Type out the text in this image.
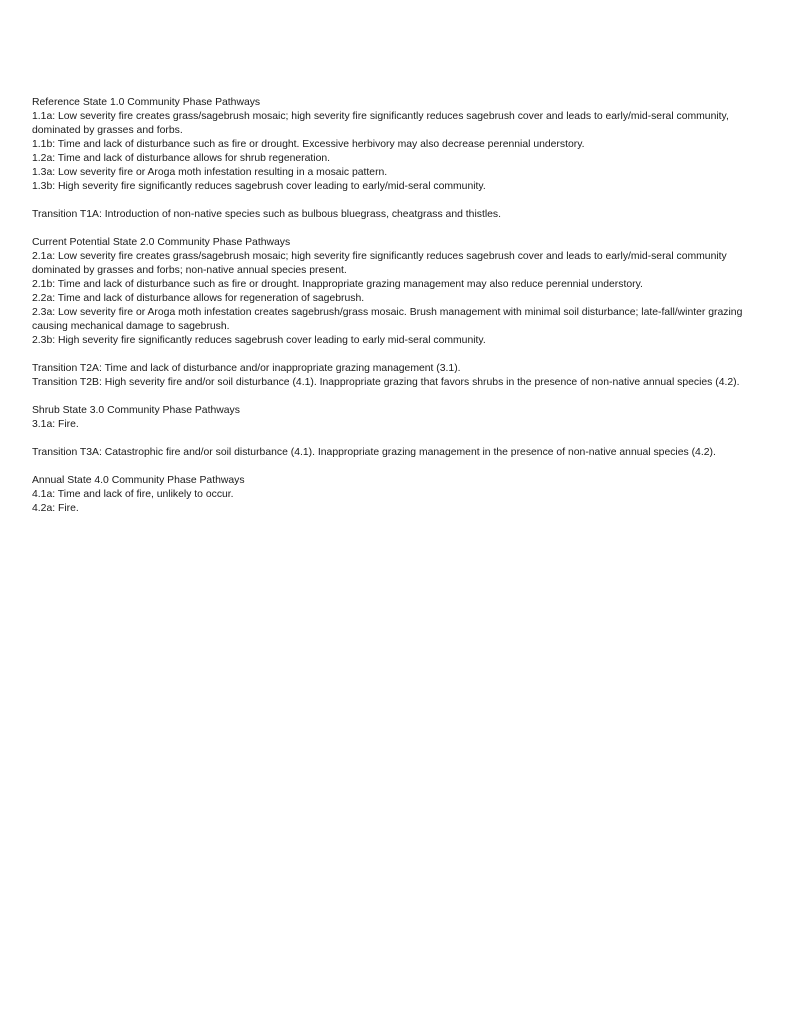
Reference State 1.0 Community Phase Pathways
1.1a: Low severity fire creates grass/sagebrush mosaic; high severity fire significantly reduces sagebrush cover and leads to early/mid-seral community, dominated by grasses and forbs.
1.1b: Time and lack of disturbance such as fire or drought. Excessive herbivory may also decrease perennial understory.
1.2a: Time and lack of disturbance allows for shrub regeneration.
1.3a: Low severity fire or Aroga moth infestation resulting in a mosaic pattern.
1.3b: High severity fire significantly reduces sagebrush cover leading to early/mid-seral community.
Transition T1A: Introduction of non-native species such as bulbous bluegrass, cheatgrass and thistles.
Current Potential State 2.0 Community Phase Pathways
2.1a: Low severity fire creates grass/sagebrush mosaic; high severity fire significantly reduces sagebrush cover and leads to early/mid-seral community dominated by grasses and forbs; non-native annual species present.
2.1b: Time and lack of disturbance such as fire or drought. Inappropriate grazing management may also reduce perennial understory.
2.2a: Time and lack of disturbance allows for regeneration of sagebrush.
2.3a: Low severity fire or Aroga moth infestation creates sagebrush/grass mosaic. Brush management with minimal soil disturbance; late-fall/winter grazing causing mechanical damage to sagebrush.
2.3b: High severity fire significantly reduces sagebrush cover leading to early mid-seral community.
Transition T2A: Time and lack of disturbance and/or inappropriate grazing management (3.1).
Transition T2B: High severity fire and/or soil disturbance (4.1). Inappropriate grazing that favors shrubs in the presence of non-native annual species (4.2).
Shrub State 3.0 Community Phase Pathways
3.1a: Fire.
Transition T3A: Catastrophic fire and/or soil disturbance (4.1). Inappropriate grazing management in the presence of non-native annual species (4.2).
Annual State 4.0 Community Phase Pathways
4.1a: Time and lack of fire, unlikely to occur.
4.2a: Fire.
